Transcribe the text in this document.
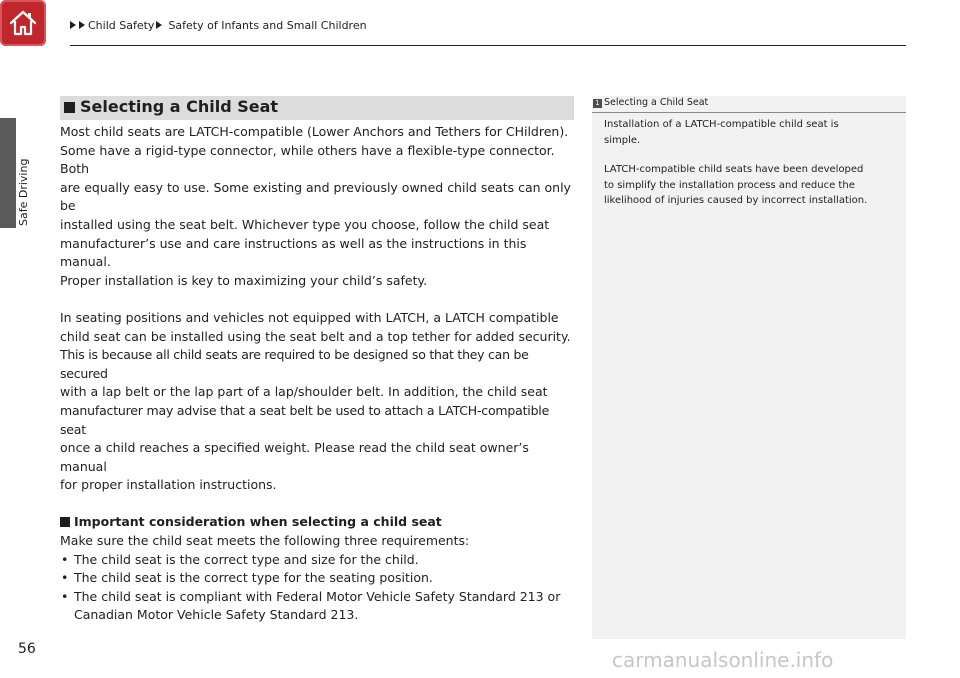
Child Safety Safety of Infants and Small Children
Safe Driving
Selecting a Child Seat

Most child seats are LATCH-compatible (Lower Anchors and Tethers for CHildren).
Some have a rigid-type connector, while others have a flexible-type connector. Both
are equally easy to use. Some existing and previously owned child seats can only be
installed using the seat belt. Whichever type you choose, follow the child seat
manufacturer’s use and care instructions as well as the instructions in this manual.
Proper installation is key to maximizing your child’s safety.

In seating positions and vehicles not equipped with LATCH, a LATCH compatible
child seat can be installed using the seat belt and a top tether for added security.
This is because all child seats are required to be designed so that they can be secured
with a lap belt or the lap part of a lap/shoulder belt. In addition, the child seat
manufacturer may advise that a seat belt be used to attach a LATCH-compatible seat
once a child reaches a specified weight. Please read the child seat owner’s manual
for proper installation instructions.

Important consideration when selecting a child seat

Make sure the child seat meets the following three requirements:

• The child seat is the correct type and size for the child.
• The child seat is the correct type for the seating position.
• The child seat is compliant with Federal Motor Vehicle Safety Standard 213 or
Canadian Motor Vehicle Safety Standard 213.
1 Selecting a Child Seat

Installation of a LATCH-compatible child seat is
simple.

LATCH-compatible child seats have been developed
to simplify the installation process and reduce the
likelihood of injuries caused by incorrect installation.

56	carmanualsonline.info
